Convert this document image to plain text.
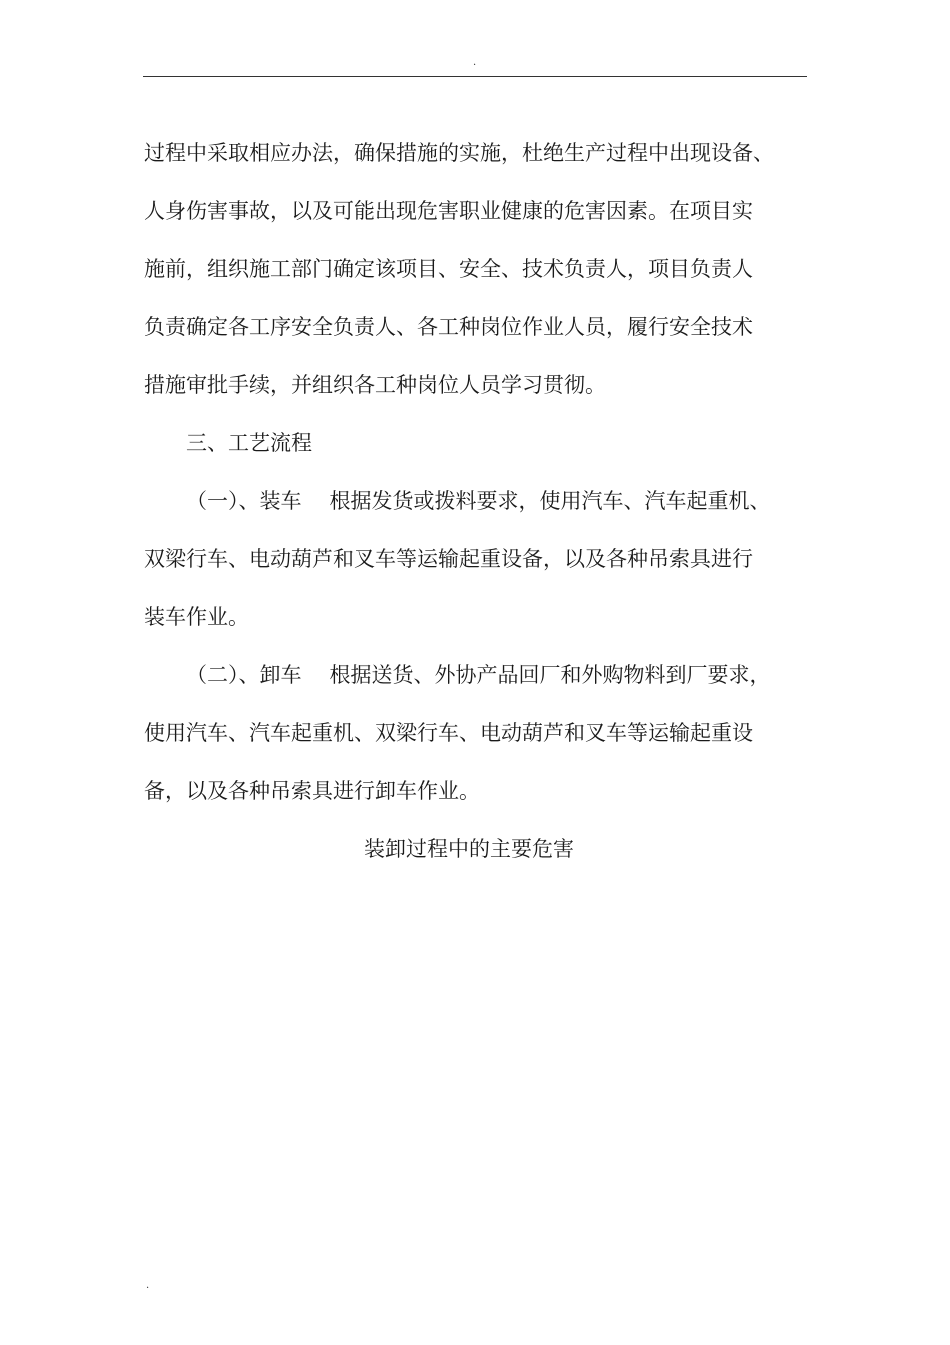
.
过程中采取相应办法，确保措施的实施，杜绝生产过程中出现设备、
人身伤害事故，以及可能出现危害职业健康的危害因素。在项目实
施前，组织施工部门确定该项目、安全、技术负责人，项目负责人
负责确定各工序安全负责人、各工种岗位作业人员，履行安全技术
措施审批手续，并组织各工种岗位人员学习贯彻。
三、工艺流程
（一）、装车 根据发货或拨料要求，使用汽车、汽车起重机、
双梁行车、电动葫芦和叉车等运输起重设备，以及各种吊索具进行
装车作业。
（二）、卸车 根据送货、外协产品回厂和外购物料到厂要求，
使用汽车、汽车起重机、双梁行车、电动葫芦和叉车等运输起重设
备，以及各种吊索具进行卸车作业。
装卸过程中的主要危害
.
